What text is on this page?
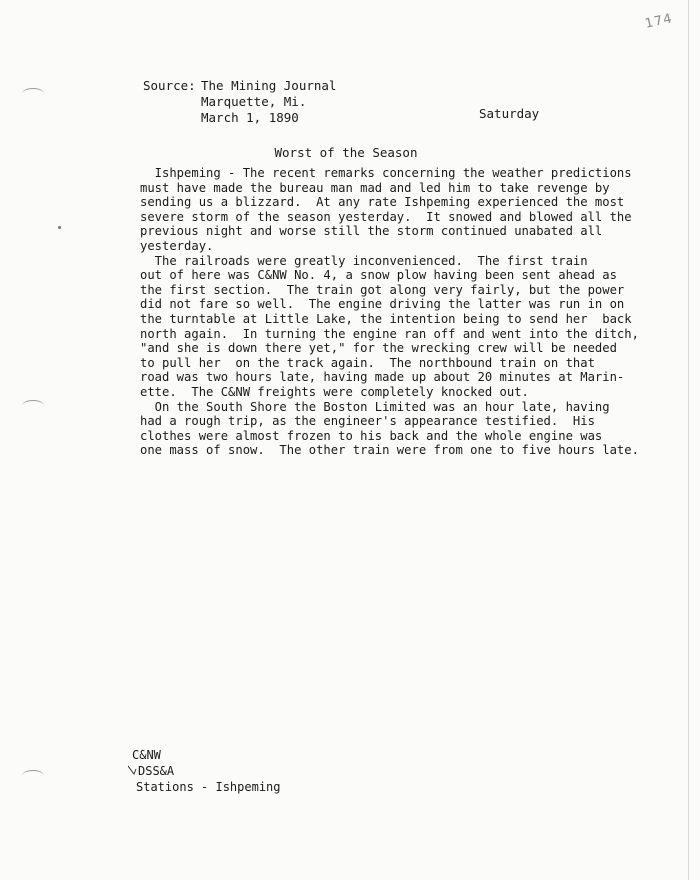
174
Source: The Mining Journal
Marquette, Mi.
March 1, 1890	Saturday
Worst of the Season
Ishpeming - The recent remarks concerning the weather predictions
must have made the bureau man mad and led him to take revenge by
sending us a blizzard.  At any rate Ishpeming experienced the most
severe storm of the season yesterday.  It snowed and blowed all the
previous night and worse still the storm continued unabated all
yesterday.
The railroads were greatly inconvenienced.  The first train
out of here was C&NW No. 4, a snow plow having been sent ahead as
the first section.  The train got along very fairly, but the power
did not fare so well.  The engine driving the latter was run in on
the turntable at Little Lake, the intention being to send her  back
north again.  In turning the engine ran off and went into the ditch,
"and she is down there yet," for the wrecking crew will be needed
to pull her  on the track again.  The northbound train on that
road was two hours late, having made up about 20 minutes at Marin-
ette.  The C&NW freights were completely knocked out.
On the South Shore the Boston Limited was an hour late, having
had a rough trip, as the engineer's appearance testified.  His
clothes were almost frozen to his back and the whole engine was
one mass of snow.  The other train were from one to five hours late.
C&NW
DSS&A
Stations - Ishpeming
